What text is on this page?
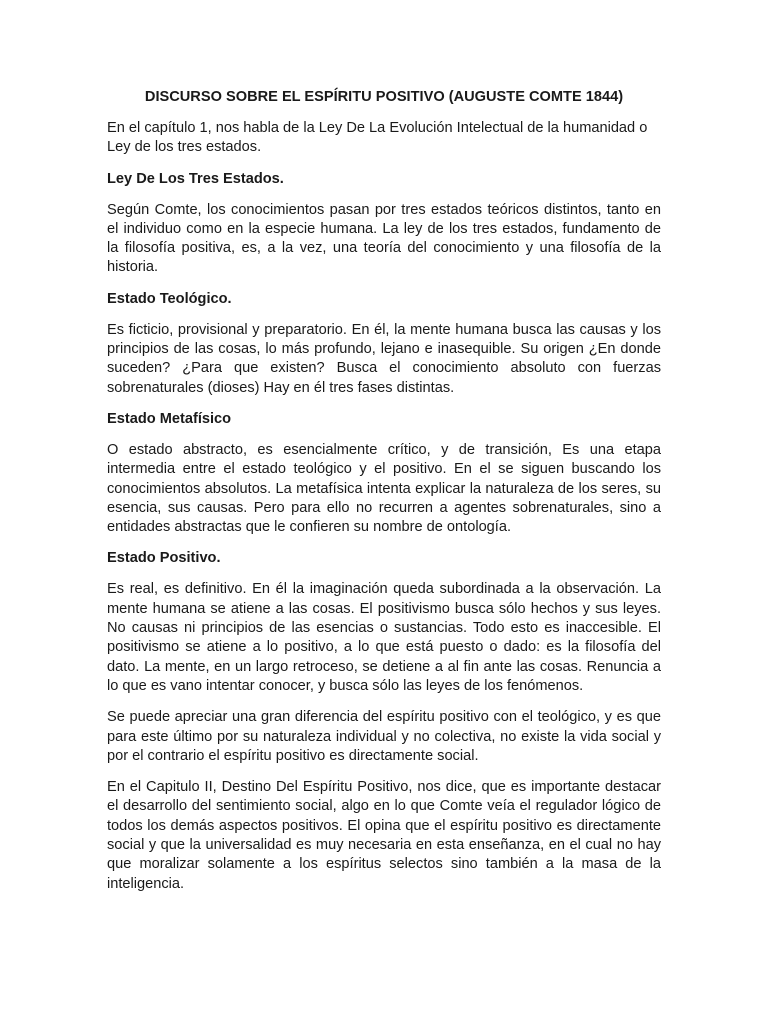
DISCURSO SOBRE EL ESPÍRITU POSITIVO (AUGUSTE COMTE 1844)

En el capítulo 1, nos habla de la Ley De La Evolución Intelectual de la humanidad o Ley de los tres estados.

Ley De Los Tres Estados.

Según Comte, los conocimientos pasan por tres estados teóricos distintos, tanto en el individuo como en la especie humana. La ley de los tres estados, fundamento de la filosofía positiva, es, a la vez, una teoría del conocimiento y una filosofía de la historia.

Estado Teológico.

Es ficticio, provisional y preparatorio. En él, la mente humana busca las causas y los principios de las cosas, lo más profundo, lejano e inasequible. Su origen ¿En donde suceden? ¿Para que existen? Busca el conocimiento absoluto con fuerzas sobrenaturales (dioses) Hay en él tres fases distintas.

Estado Metafísico

O estado abstracto, es esencialmente crítico, y de transición, Es una etapa intermedia entre el estado teológico y el positivo. En el se siguen buscando los conocimientos absolutos. La metafísica intenta explicar la naturaleza de los seres, su esencia, sus causas. Pero para ello no recurren a agentes sobrenaturales, sino a entidades abstractas que le confieren su nombre de ontología.

Estado Positivo.

Es real, es definitivo. En él la imaginación queda subordinada a la observación. La mente humana se atiene a las cosas. El positivismo busca sólo hechos y sus leyes. No causas ni principios de las esencias o sustancias. Todo esto es inaccesible. El positivismo se atiene a lo positivo, a lo que está puesto o dado: es la filosofía del dato. La mente, en un largo retroceso, se detiene a al fin ante las cosas. Renuncia a lo que es vano intentar conocer, y busca sólo las leyes de los fenómenos.

Se puede apreciar una gran diferencia del espíritu positivo con el teológico, y es que para este último por su naturaleza individual y no colectiva, no existe la vida social y por el contrario el espíritu positivo es directamente social.

En el Capitulo II, Destino Del Espíritu Positivo, nos dice, que es importante destacar el desarrollo del sentimiento social, algo en lo que Comte veía el regulador lógico de todos los demás aspectos positivos. El opina que el espíritu positivo es directamente social y que la universalidad es muy necesaria en esta enseñanza, en el cual no hay que moralizar solamente a los espíritus selectos sino también a la masa de la inteligencia.
